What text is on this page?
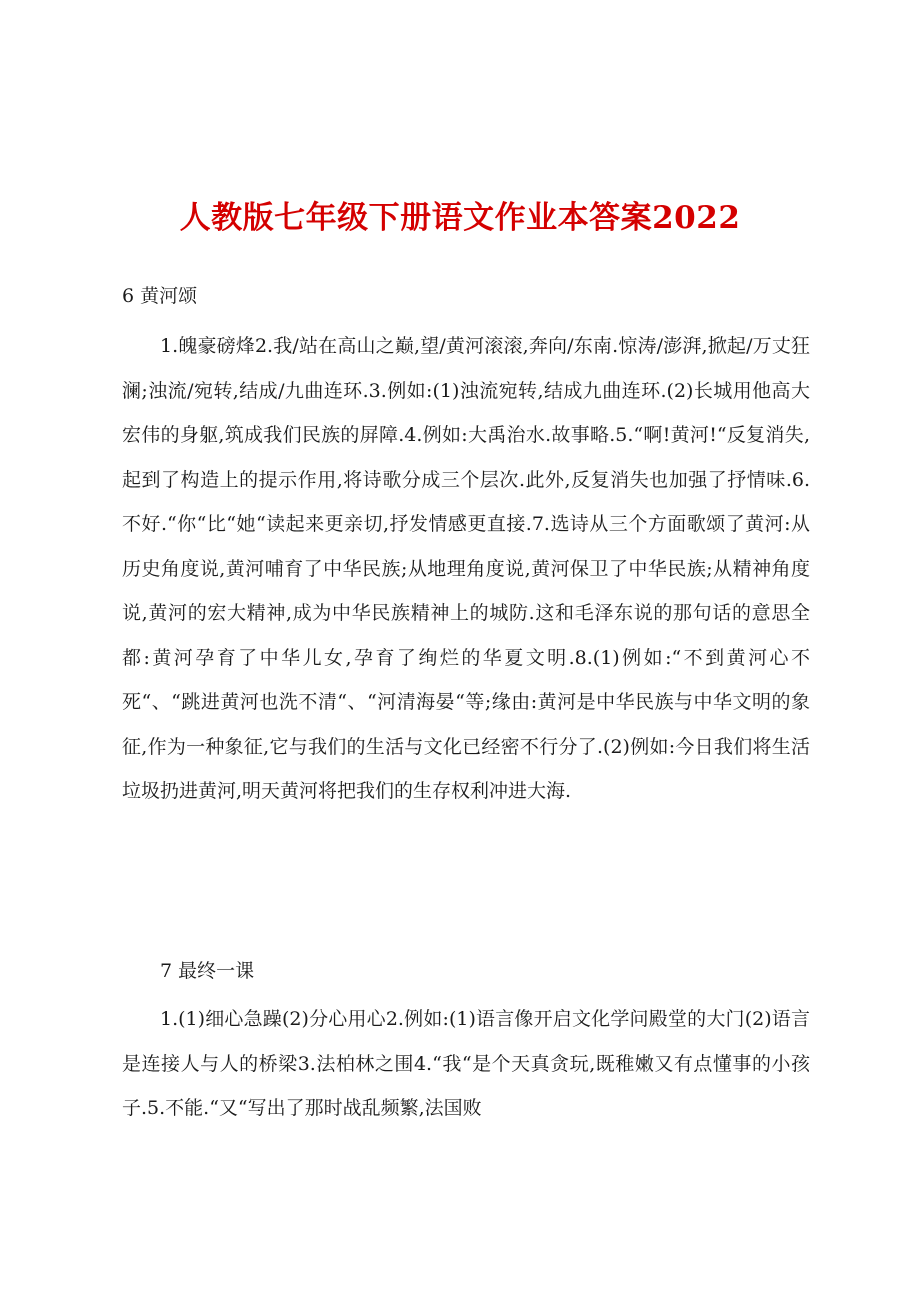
人教版七年级下册语文作业本答案2022
6 黄河颂

1.魄豪磅烽2.我/站在高山之巅,望/黄河滚滚,奔向/东南.惊涛/澎湃,掀起/万丈狂澜;浊流/宛转,结成/九曲连环.3.例如:(1)浊流宛转,结成九曲连环.(2)长城用他高大宏伟的身躯,筑成我们民族的屏障.4.例如:大禹治水.故事略.5.“啊!黄河!“反复消失,起到了构造上的提示作用,将诗歌分成三个层次.此外,反复消失也加强了抒情味.6.不好.“你“比“她“读起来更亲切,抒发情感更直接.7.选诗从三个方面歌颂了黄河:从历史角度说,黄河哺育了中华民族;从地理角度说,黄河保卫了中华民族;从精神角度说,黄河的宏大精神,成为中华民族精神上的城防.这和毛泽东说的那句话的意思全都:黄河孕育了中华儿女,孕育了绚烂的华夏文明.8.(1)例如:“不到黄河心不死“、“跳进黄河也洗不清“、“河清海晏“等;缘由:黄河是中华民族与中华文明的象征,作为一种象征,它与我们的生活与文化已经密不行分了.(2)例如:今日我们将生活垃圾扔进黄河,明天黄河将把我们的生存权利冲进大海.

7 最终一课

1.(1)细心急躁(2)分心用心2.例如:(1)语言像开启文化学问殿堂的大门(2)语言是连接人与人的桥梁3.法柏林之围4.“我“是个天真贪玩,既稚嫩又有点懂事的小孩子.5.不能.“又“写出了那时战乱频繁,法国败
